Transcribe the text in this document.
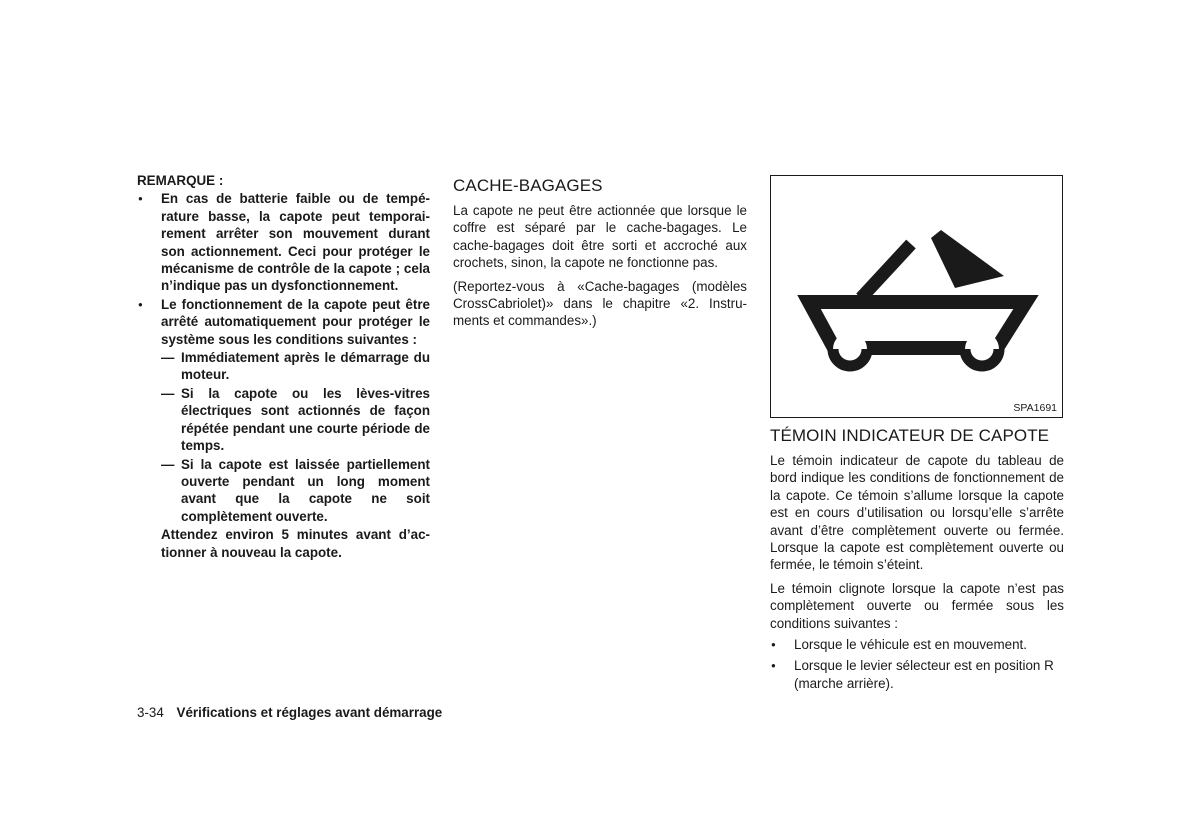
REMARQUE :
● En cas de batterie faible ou de température basse, la capote peut temporairement arrêter son mouvement durant son actionnement. Ceci pour protéger le mécanisme de contrôle de la capote ; cela n’indique pas un dysfonctionnement.
● Le fonctionnement de la capote peut être arrêté automatiquement pour protéger le système sous les conditions suivantes :
— Immédiatement après le démarrage du moteur.
— Si la capote ou les lèves-vitres électriques sont actionnés de façon répétée pendant une courte période de temps.
— Si la capote est laissée partiellement ouverte pendant un long moment avant que la capote ne soit complètement ouverte.
Attendez environ 5 minutes avant d’actionner à nouveau la capote.
CACHE-BAGAGES

La capote ne peut être actionnée que lorsque le coffre est séparé par le cache-bagages. Le cache-bagages doit être sorti et accroché aux crochets, sinon, la capote ne fonctionne pas.

(Reportez-vous à «Cache-bagages (modèles CrossCabriolet)» dans le chapitre «2. Instruments et commandes».)

SPA1691
TÉMOIN INDICATEUR DE CAPOTE

Le témoin indicateur de capote du tableau de bord indique les conditions de fonctionnement de la capote. Ce témoin s’allume lorsque la capote est en cours d’utilisation ou lorsqu’elle s’arrête avant d’être complètement ouverte ou fermée. Lorsque la capote est complètement ouverte ou fermée, le témoin s’éteint.

Le témoin clignote lorsque la capote n’est pas complètement ouverte ou fermée sous les conditions suivantes :

● Lorsque le véhicule est en mouvement.
● Lorsque le levier sélecteur est en position R (marche arrière).
3-34 Vérifications et réglages avant démarrage
